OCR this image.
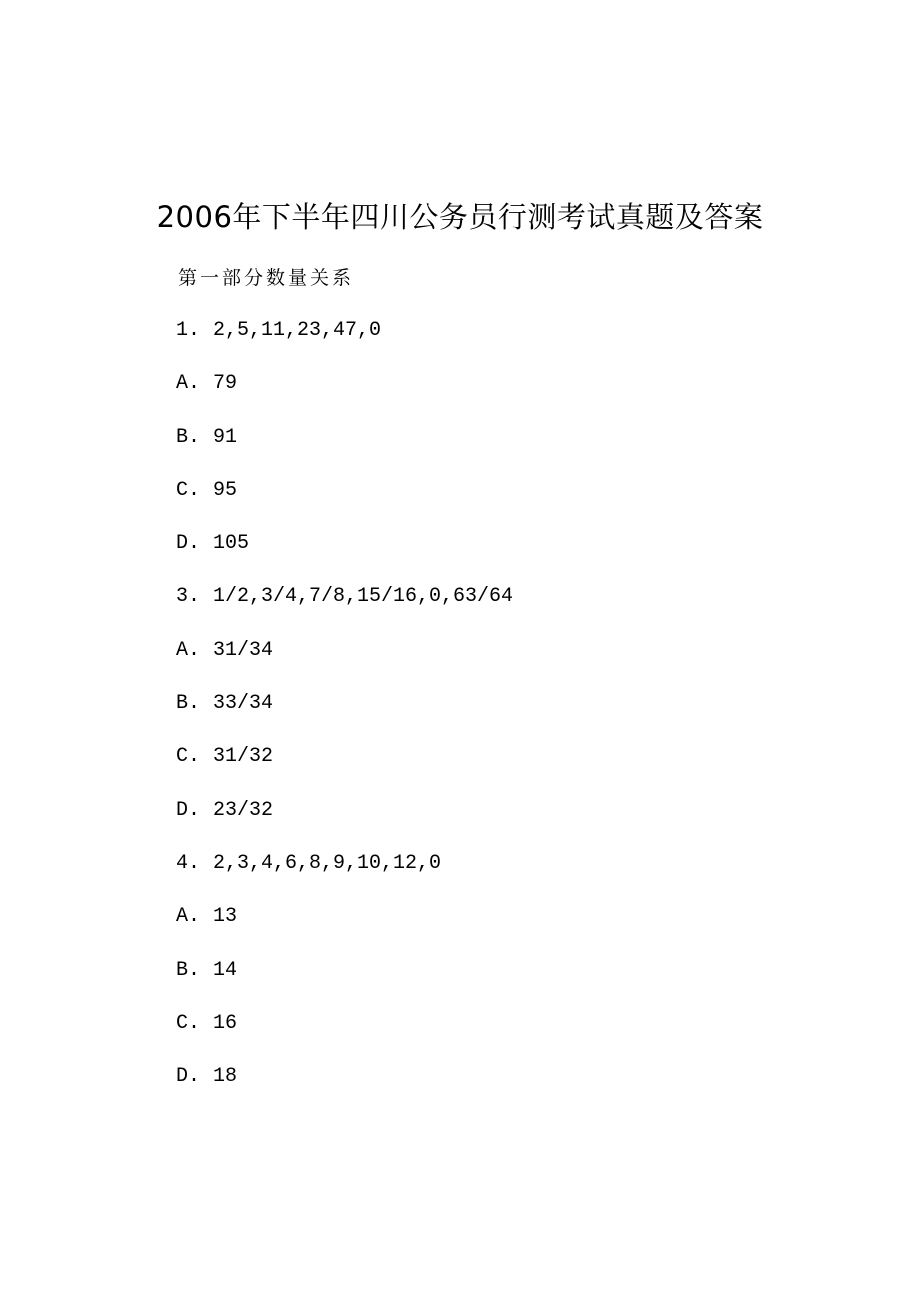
2006年下半年四川公务员行测考试真题及答案
第一部分数量关系
1. 2,5,11,23,47,0
A. 79
B. 91
C. 95
D. 105
3. 1/2,3/4,7/8,15/16,0,63/64
A. 31/34
B. 33/34
C. 31/32
D. 23/32
4. 2,3,4,6,8,9,10,12,0
A. 13
B. 14
C. 16
D. 18
